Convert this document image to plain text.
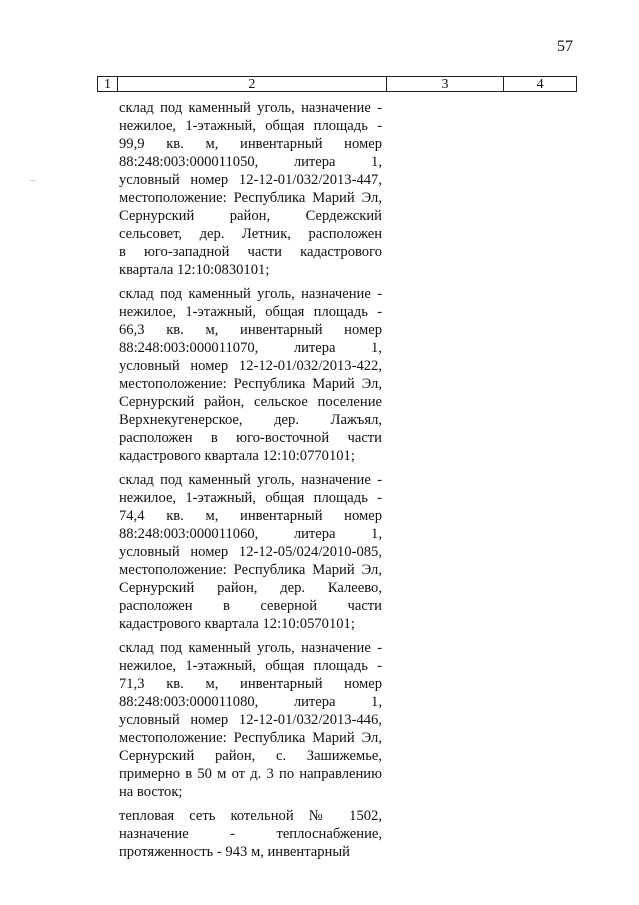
57
1	2	3	4
склад под каменный уголь, назначение -
нежилое, 1-этажный, общая площадь -
99,9 кв. м, инвентарный номер
88:248:003:000011050, литера 1,
условный номер 12-12-01/032/2013-447,
местоположение: Республика Марий Эл,
Сернурский район, Сердежский
сельсовет, дер. Летник, расположен
в юго-западной части кадастрового
квартала 12:10:0830101;
склад под каменный уголь, назначение -
нежилое, 1-этажный, общая площадь -
66,3 кв. м, инвентарный номер
88:248:003:000011070, литера 1,
условный номер 12-12-01/032/2013-422,
местоположение: Республика Марий Эл,
Сернурский район, сельское поселение
Верхнекугенерское, дер. Лажъял,
расположен в юго-восточной части
кадастрового квартала 12:10:0770101;
склад под каменный уголь, назначение -
нежилое, 1-этажный, общая площадь -
74,4 кв. м, инвентарный номер
88:248:003:000011060, литера 1,
условный номер 12-12-05/024/2010-085,
местоположение: Республика Марий Эл,
Сернурский район, дер. Калеево,
расположен в северной части
кадастрового квартала 12:10:0570101;
склад под каменный уголь, назначение -
нежилое, 1-этажный, общая площадь -
71,3 кв. м, инвентарный номер
88:248:003:000011080, литера 1,
условный номер 12-12-01/032/2013-446,
местоположение: Республика Марий Эл,
Сернурский район, с. Зашижемье,
примерно в 50 м от д. 3 по направлению
на восток;
тепловая сеть котельной № 1502,
назначение - теплоснабжение,
протяженность - 943 м, инвентарный
